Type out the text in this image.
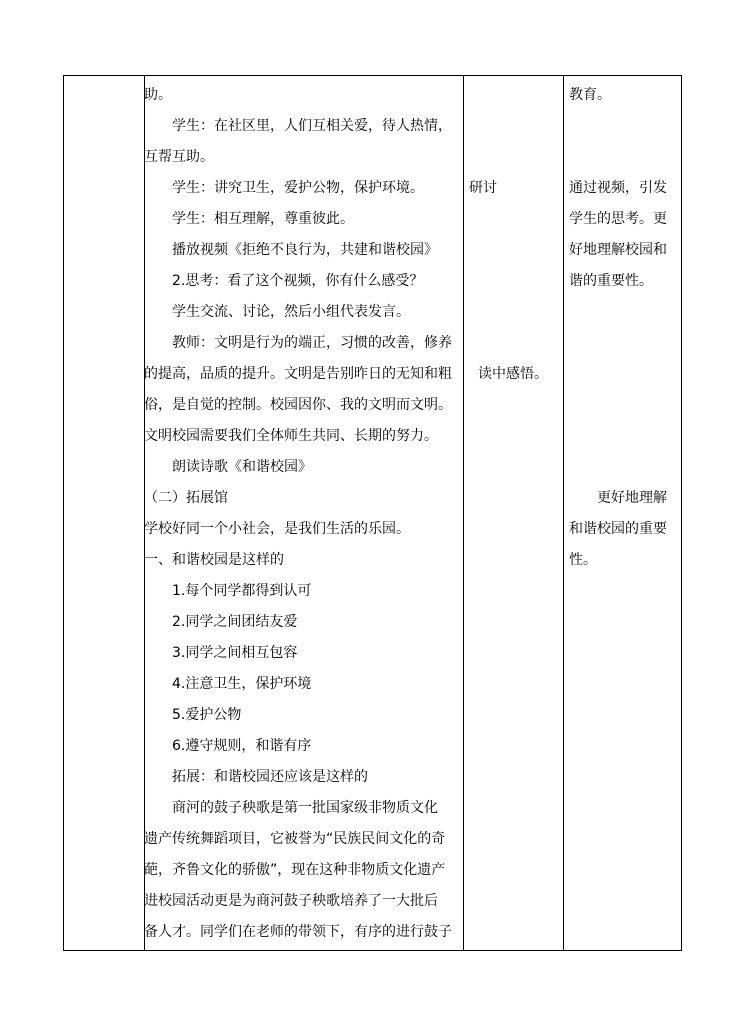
助。
　　学生：在社区里，人们互相关爱，待人热情，
互帮互助。
　　学生：讲究卫生，爱护公物，保护环境。
　　学生：相互理解，尊重彼此。
　　播放视频《拒绝不良行为，共建和谐校园》
　　2.思考：看了这个视频，你有什么感受？
　　学生交流、讨论，然后小组代表发言。
　　教师：文明是行为的端正，习惯的改善，修养
的提高，品质的提升。文明是告别昨日的无知和粗
俗，是自觉的控制。校园因你、我的文明而文明。
文明校园需要我们全体师生共同、长期的努力。
　　朗读诗歌《和谐校园》
（二）拓展馆
学校好同一个小社会，是我们生活的乐园。
一、和谐校园是这样的
　　1.每个同学都得到认可
　　2.同学之间团结友爱
　　3.同学之间相互包容
　　4.注意卫生，保护环境
　　5.爱护公物
　　6.遵守规则，和谐有序
　　拓展：和谐校园还应该是这样的
　　商河的鼓子秧歌是第一批国家级非物质文化
遗产传统舞蹈项目，它被誉为“民族民间文化的奇
葩，齐鲁文化的骄傲”，现在这种非物质文化遗产
进校园活动更是为商河鼓子秧歌培养了一大批后
备人才。同学们在老师的带领下，有序的进行鼓子
研讨
读中感悟。
教育。
通过视频，引发
学生的思考。更
好地理解校园和
谐的重要性。
　　更好地理解
和谐校园的重要
性。
